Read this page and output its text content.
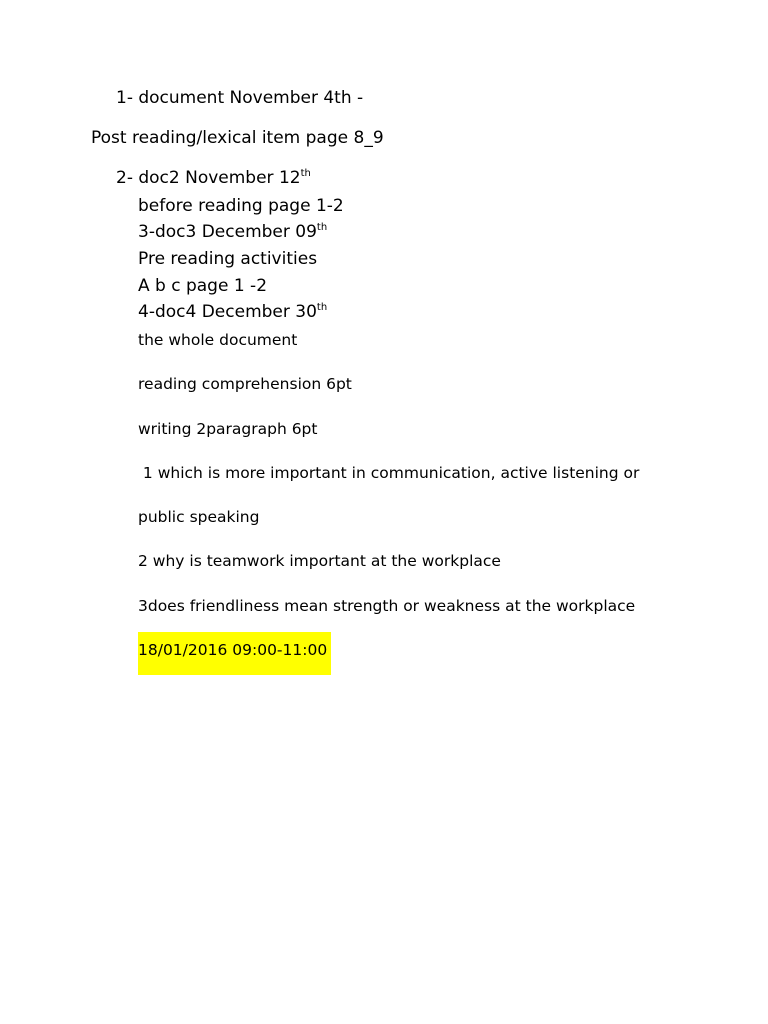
1- document November 4th -
Post reading/lexical item page 8_9
2- doc2 November 12th
before reading page 1-2
3-doc3 December 09th
Pre reading activities
A b c page 1 -2
4-doc4 December 30th
the whole document
reading comprehension 6pt
writing 2paragraph 6pt
1 which is more important in communication, active listening or
public speaking
2 why is teamwork important at the workplace
3does friendliness mean strength or weakness at the workplace
18/01/2016 09:00-11:00
